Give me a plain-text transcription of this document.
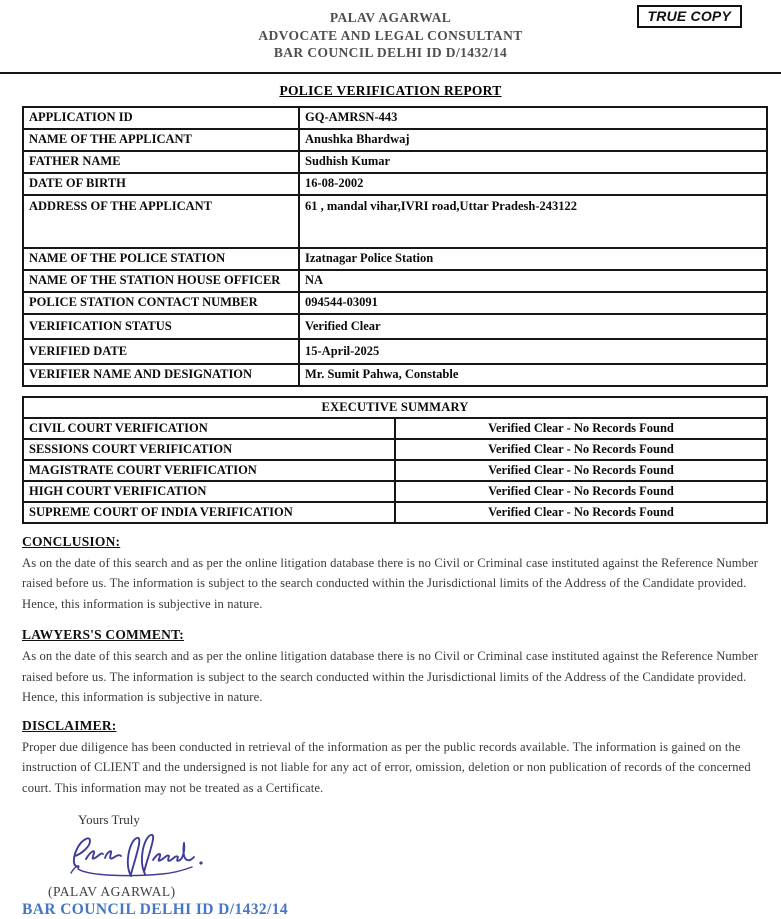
PALAV AGARWAL
ADVOCATE AND LEGAL CONSULTANT
BAR COUNCIL DELHI ID D/1432/14
TRUE COPY
POLICE VERIFICATION REPORT
APPLICATION ID	GQ-AMRSN-443
NAME OF THE APPLICANT	Anushka Bhardwaj
FATHER NAME	Sudhish Kumar
DATE OF BIRTH	16-08-2002
ADDRESS OF THE APPLICANT	61 , mandal vihar,IVRI road,Uttar Pradesh-243122
NAME OF THE POLICE STATION	Izatnagar Police Station
NAME OF THE STATION HOUSE OFFICER	NA
POLICE STATION CONTACT NUMBER	094544-03091
VERIFICATION STATUS	Verified Clear
VERIFIED DATE	15-April-2025
VERIFIER NAME AND DESIGNATION	Mr. Sumit Pahwa, Constable
EXECUTIVE SUMMARY	
CIVIL COURT VERIFICATION	Verified Clear - No Records Found
SESSIONS COURT VERIFICATION	Verified Clear - No Records Found
MAGISTRATE COURT VERIFICATION	Verified Clear - No Records Found
HIGH COURT VERIFICATION	Verified Clear - No Records Found
SUPREME COURT OF INDIA VERIFICATION	Verified Clear - No Records Found
CONCLUSION:
As on the date of this search and as per the online litigation database there is no Civil or Criminal case instituted against the Reference Number raised before us. The information is subject to the search conducted within the Jurisdictional limits of the Address of the Candidate provided. Hence, this information is subjective in nature.
LAWYERS'S COMMENT:
As on the date of this search and as per the online litigation database there is no Civil or Criminal case instituted against the Reference Number raised before us. The information is subject to the search conducted within the Jurisdictional limits of the Address of the Candidate provided. Hence, this information is subjective in nature.
DISCLAIMER:
Proper due diligence has been conducted in retrieval of the information as per the public records available. The information is gained on the instruction of CLIENT and the undersigned is not liable for any act of error, omission, deletion or non publication of records of the concerned court. This information may not be treated as a Certificate.
Yours Truly
(PALAV AGARWAL)
BAR COUNCIL DELHI ID D/1432/14
